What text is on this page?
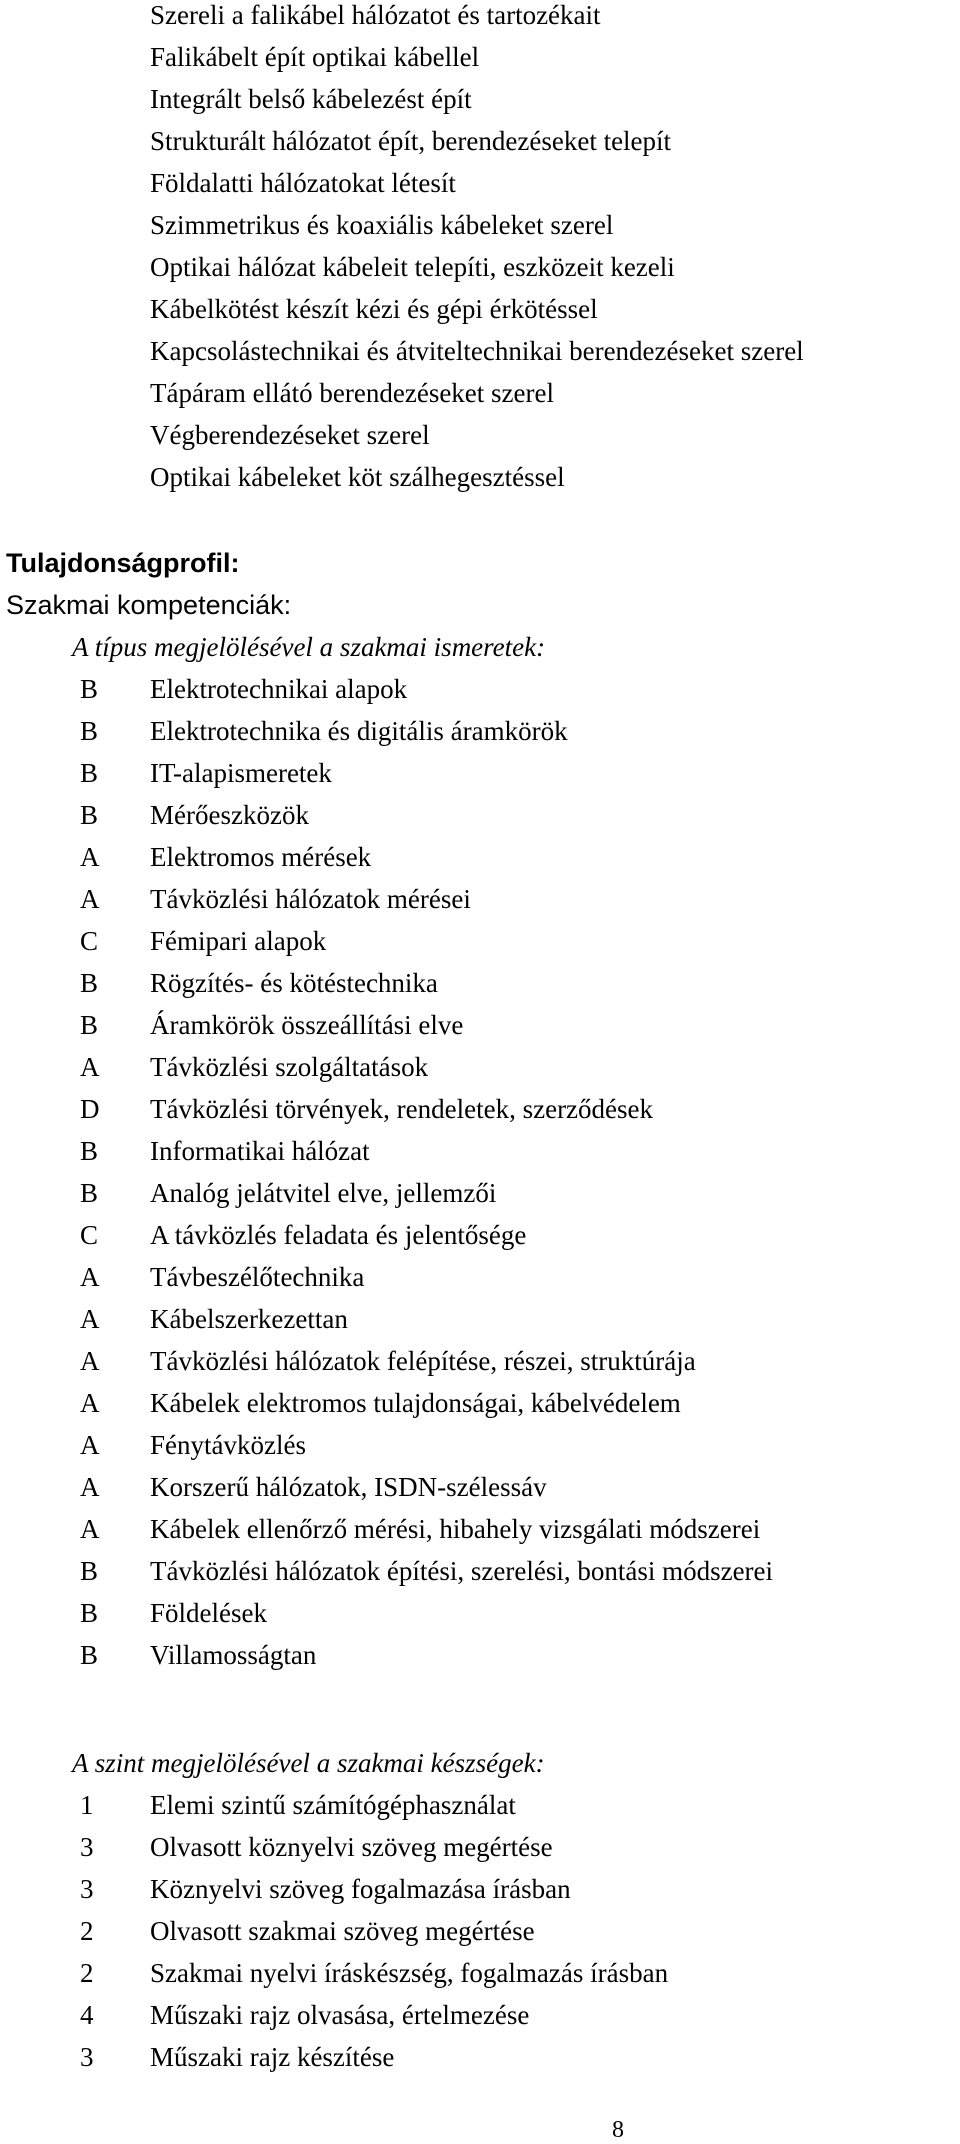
Szereli a falikábel hálózatot és tartozékait
Falikábelt épít optikai kábellel
Integrált belső kábelezést épít
Strukturált hálózatot épít, berendezéseket telepít
Földalatti hálózatokat létesít
Szimmetrikus és koaxiális kábeleket szerel
Optikai hálózat kábeleit telepíti, eszközeit kezeli
Kábelkötést készít kézi és gépi érkötéssel
Kapcsolástechnikai és átviteltechnikai berendezéseket szerel
Tápáram ellátó berendezéseket szerel
Végberendezéseket szerel
Optikai kábeleket köt szálhegesztéssel
Tulajdonságprofil:
Szakmai kompetenciák:
A típus megjelölésével a szakmai ismeretek:
B Elektrotechnikai alapok
B Elektrotechnika és digitális áramkörök
B IT-alapismeretek
B Mérőeszközök
A Elektromos mérések
A Távközlési hálózatok mérései
C Fémipari alapok
B Rögzítés- és kötéstechnika
B Áramkörök összeállítási elve
A Távközlési szolgáltatások
D Távközlési törvények, rendeletek, szerződések
B Informatikai hálózat
B Analóg jelátvitel elve, jellemzői
C A távközlés feladata és jelentősége
A Távbeszélőtechnika
A Kábelszerkezettan
A Távközlési hálózatok felépítése, részei, struktúrája
A Kábelek elektromos tulajdonságai, kábelvédelem
A Fénytávközlés
A Korszerű hálózatok, ISDN-szélessáv
A Kábelek ellenőrző mérési, hibahely vizsgálati módszerei
B Távközlési hálózatok építési, szerelési, bontási módszerei
B Földelések
B Villamosságtan
A szint megjelölésével a szakmai készségek:
1 Elemi szintű számítógéphasználat
3 Olvasott köznyelvi szöveg megértése
3 Köznyelvi szöveg fogalmazása írásban
2 Olvasott szakmai szöveg megértése
2 Szakmai nyelvi íráskészség, fogalmazás írásban
4 Műszaki rajz olvasása, értelmezése
3 Műszaki rajz készítése
8
